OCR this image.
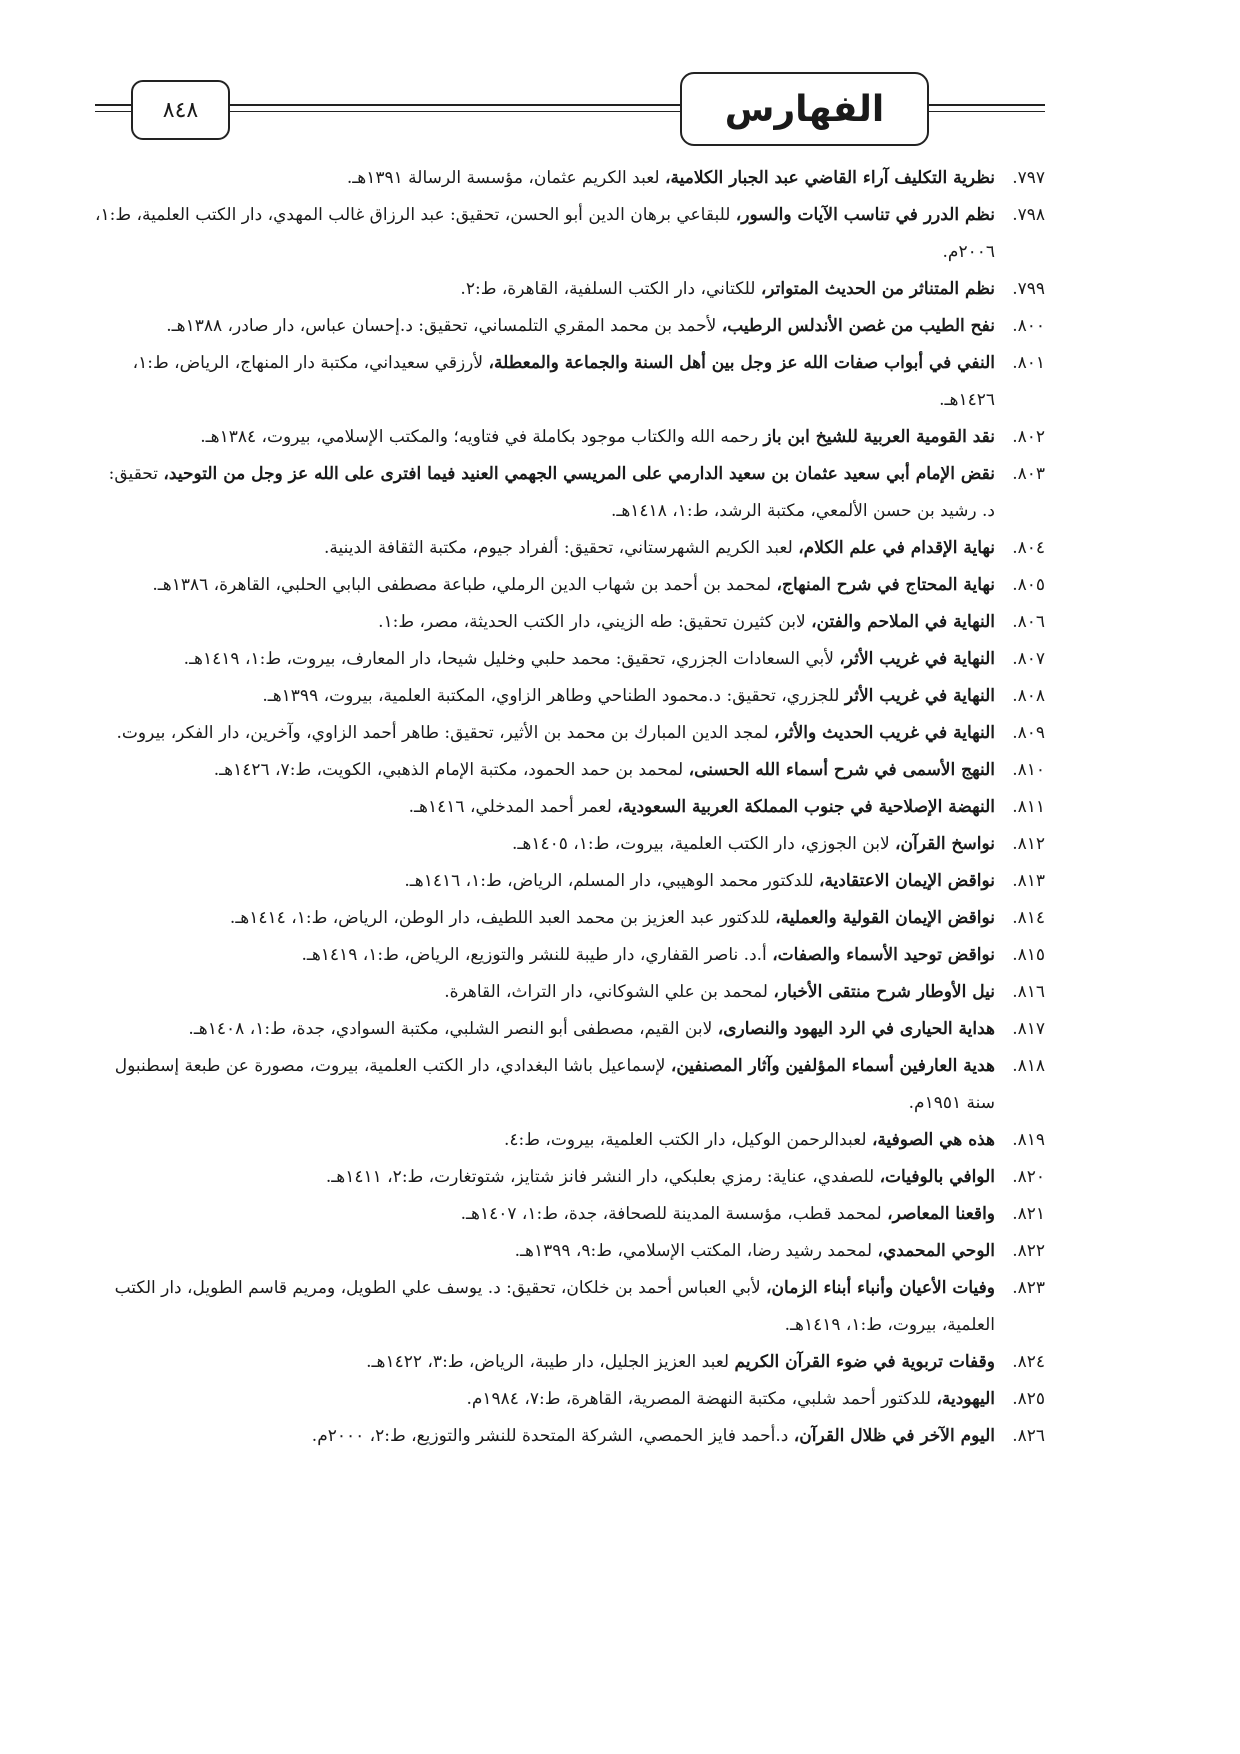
٨٤٨	الفهارس
٧٩٧.
نظرية التكليف آراء القاضي عبد الجبار الكلامية، لعبد الكريم عثمان، مؤسسة الرسالة ١٣٩١هـ.
٧٩٨.
نظم الدرر في تناسب الآيات والسور، للبقاعي برهان الدين أبو الحسن، تحقيق: عبد الرزاق غالب المهدي، دار الكتب العلمية، ط:١، ٢٠٠٦م.
٧٩٩.
نظم المتناثر من الحديث المتواتر، للكتاني، دار الكتب السلفية، القاهرة، ط:٢.
٨٠٠.
نفح الطيب من غصن الأندلس الرطيب، لأحمد بن محمد المقري التلمساني، تحقيق: د.إحسان عباس، دار صادر، ١٣٨٨هـ.
٨٠١.
النفي في أبواب صفات الله عز وجل بين أهل السنة والجماعة والمعطلة، لأرزقي سعيداني، مكتبة دار المنهاج، الرياض، ط:١، ١٤٢٦هـ.
٨٠٢.
نقد القومية العربية للشيخ ابن باز رحمه الله والكتاب موجود بكاملة في فتاويه؛ والمكتب الإسلامي، بيروت، ١٣٨٤هـ.
٨٠٣.
نقض الإمام أبي سعيد عثمان بن سعيد الدارمي على المريسي الجهمي العنيد فيما افترى على الله عز وجل من التوحيد، تحقيق: د. رشيد بن حسن الألمعي، مكتبة الرشد، ط:١، ١٤١٨هـ.
٨٠٤.
نهاية الإقدام في علم الكلام، لعبد الكريم الشهرستاني، تحقيق: ألفراد جيوم، مكتبة الثقافة الدينية.
٨٠٥.
نهاية المحتاج في شرح المنهاج، لمحمد بن أحمد بن شهاب الدين الرملي، طباعة مصطفى البابي الحلبي، القاهرة، ١٣٨٦هـ.
٨٠٦.
النهاية في الملاحم والفتن، لابن كثيرن تحقيق: طه الزيني، دار الكتب الحديثة، مصر، ط:١.
٨٠٧.
النهاية في غريب الأثر، لأبي السعادات الجزري، تحقيق: محمد حلبي وخليل شيحا، دار المعارف، بيروت، ط:١، ١٤١٩هـ.
٨٠٨.
النهاية في غريب الأثر للجزري، تحقيق: د.محمود الطناحي وطاهر الزاوي، المكتبة العلمية، بيروت، ١٣٩٩هـ.
٨٠٩.
النهاية في غريب الحديث والأثر، لمجد الدين المبارك بن محمد بن الأثير، تحقيق: طاهر أحمد الزاوي، وآخرين، دار الفكر، بيروت.
٨١٠.
النهج الأسمى في شرح أسماء الله الحسنى، لمحمد بن حمد الحمود، مكتبة الإمام الذهبي، الكويت، ط:٧، ١٤٢٦هـ.
٨١١.
النهضة الإصلاحية في جنوب المملكة العربية السعودية، لعمر أحمد المدخلي، ١٤١٦هـ.
٨١٢.
نواسخ القرآن، لابن الجوزي، دار الكتب العلمية، بيروت، ط:١، ١٤٠٥هـ.
٨١٣.
نواقض الإيمان الاعتقادية، للدكتور محمد الوهيبي، دار المسلم، الرياض، ط:١، ١٤١٦هـ.
٨١٤.
نواقض الإيمان القولية والعملية، للدكتور عبد العزيز بن محمد العبد اللطيف، دار الوطن، الرياض، ط:١، ١٤١٤هـ.
٨١٥.
نواقض توحيد الأسماء والصفات، أ.د. ناصر القفاري، دار طيبة للنشر والتوزيع، الرياض، ط:١، ١٤١٩هـ.
٨١٦.
نيل الأوطار شرح منتقى الأخبار، لمحمد بن علي الشوكاني، دار التراث، القاهرة.
٨١٧.
هداية الحيارى في الرد اليهود والنصارى، لابن القيم، مصطفى أبو النصر الشلبي، مكتبة السوادي، جدة، ط:١، ١٤٠٨هـ.
٨١٨.
هدية العارفين أسماء المؤلفين وآثار المصنفين، لإسماعيل باشا البغدادي، دار الكتب العلمية، بيروت، مصورة عن طبعة إسطنبول سنة ١٩٥١م.
٨١٩.
هذه هي الصوفية، لعبدالرحمن الوكيل، دار الكتب العلمية، بيروت، ط:٤.
٨٢٠.
الوافي بالوفيات، للصفدي، عناية: رمزي بعلبكي، دار النشر فانز شتايز، شتوتغارت، ط:٢، ١٤١١هـ.
٨٢١.
واقعنا المعاصر، لمحمد قطب، مؤسسة المدينة للصحافة، جدة، ط:١، ١٤٠٧هـ.
٨٢٢.
الوحي المحمدي، لمحمد رشيد رضا، المكتب الإسلامي، ط:٩، ١٣٩٩هـ.
٨٢٣.
وفيات الأعيان وأنباء أبناء الزمان، لأبي العباس أحمد بن خلكان، تحقيق: د. يوسف علي الطويل، ومريم قاسم الطويل، دار الكتب العلمية، بيروت، ط:١، ١٤١٩هـ.
٨٢٤.
وقفات تربوية في ضوء القرآن الكريم لعبد العزيز الجليل، دار طيبة، الرياض، ط:٣، ١٤٢٢هـ.
٨٢٥.
اليهودية، للدكتور أحمد شلبي، مكتبة النهضة المصرية، القاهرة، ط:٧، ١٩٨٤م.
٨٢٦.
اليوم الآخر في ظلال القرآن، د.أحمد فايز الحمصي، الشركة المتحدة للنشر والتوزيع، ط:٢، ٢٠٠٠م.
